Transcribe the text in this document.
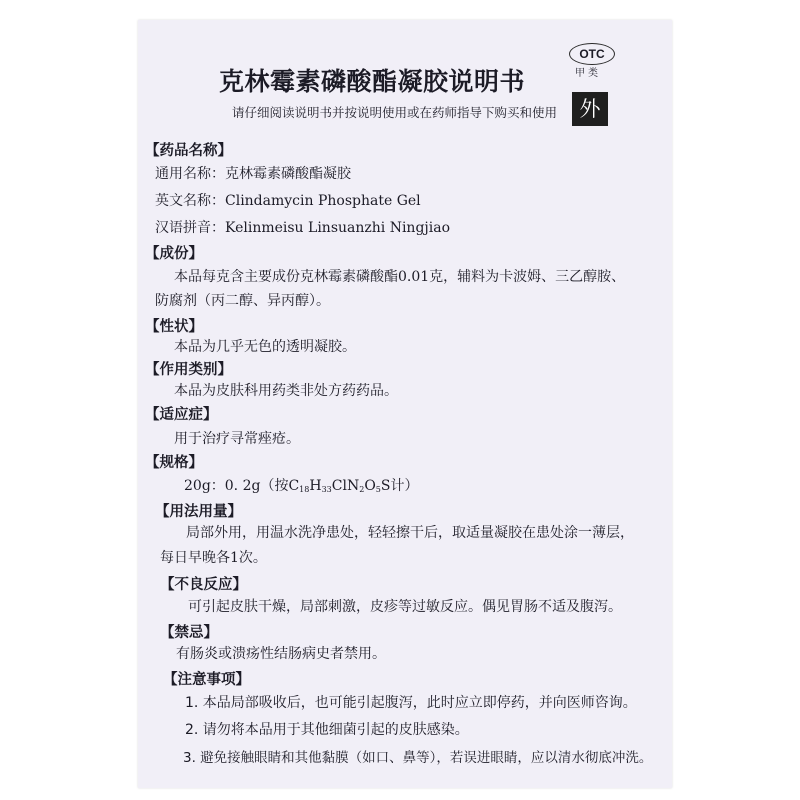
OTC
甲类
外
克林霉素磷酸酯凝胶说明书
请仔细阅读说明书并按说明使用或在药师指导下购买和使用
【药品名称】
通用名称：克林霉素磷酸酯凝胶
英文名称：Clindamycin Phosphate Gel
汉语拼音：Kelinmeisu Linsuanzhi Ningjiao
【成份】
本品每克含主要成份克林霉素磷酸酯0.01克，辅料为卡波姆、三乙醇胺、
防腐剂（丙二醇、异丙醇）。
【性状】
本品为几乎无色的透明凝胶。
【作用类别】
本品为皮肤科用药类非处方药药品。
【适应症】
用于治疗寻常痤疮。
【规格】
20g：0. 2g（按$C_{18}H_{33}ClN_2O_5S$计）
【用法用量】
局部外用，用温水洗净患处，轻轻擦干后，取适量凝胶在患处涂一薄层，
每日早晚各1次。
【不良反应】
可引起皮肤干燥，局部刺激，皮疹等过敏反应。偶见胃肠不适及腹泻。
【禁忌】
有肠炎或溃疡性结肠病史者禁用。
【注意事项】
1. 本品局部吸收后，也可能引起腹泻，此时应立即停药，并向医师咨询。
2. 请勿将本品用于其他细菌引起的皮肤感染。
3. 避免接触眼睛和其他黏膜（如口、鼻等），若误进眼睛，应以清水彻底冲洗。
